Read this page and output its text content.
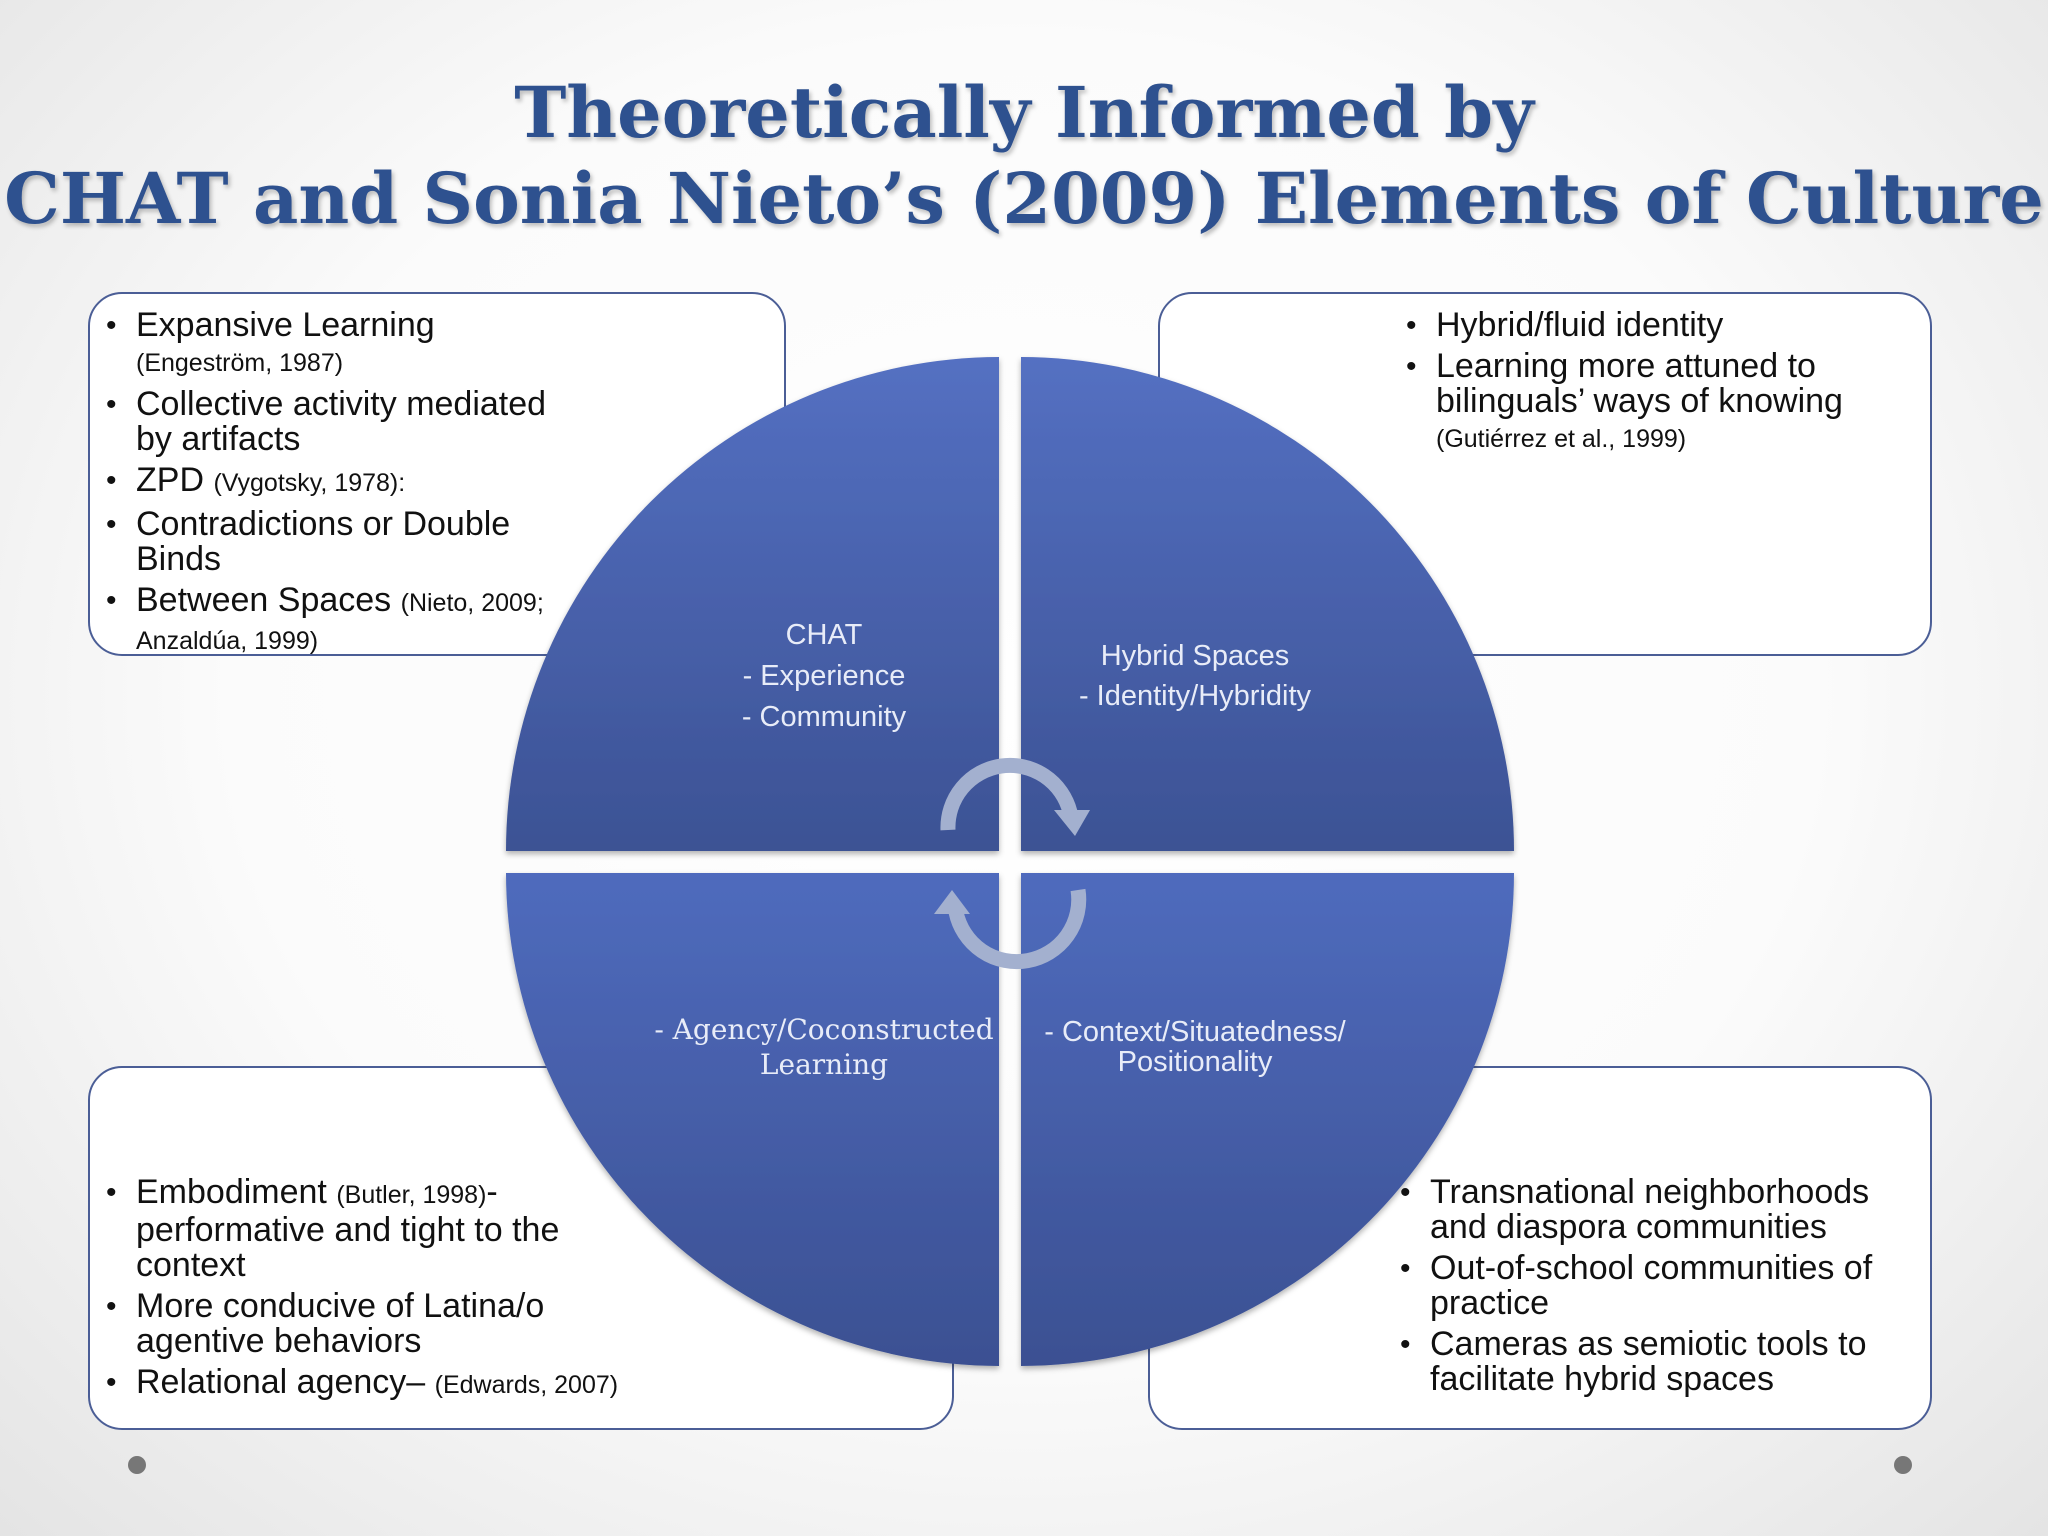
Theoretically Informed by
CHAT and Sonia Nieto’s (2009) Elements of Culture
CHAT
- Experience
- Community
Hybrid Spaces
- Identity/Hybridity
- Agency/Coconstructed
Learning
- Context/Situatedness/
Positionality
• Expansive Learning
(Engeström, 1987)
• Collective activity mediated by artifacts
• ZPD (Vygotsky, 1978):
• Contradictions or Double Binds
• Between Spaces (Nieto, 2009; Anzaldúa, 1999)
• Hybrid/fluid identity
• Learning more attuned to bilinguals’ ways of knowing
(Gutiérrez et al., 1999)
• Embodiment (Butler, 1998)- performative and tight to the context
• More conducive of Latina/o agentive behaviors
• Relational agency– (Edwards, 2007)
• Transnational neighborhoods and diaspora communities
• Out-of-school communities of practice
• Cameras as semiotic tools to facilitate hybrid spaces
